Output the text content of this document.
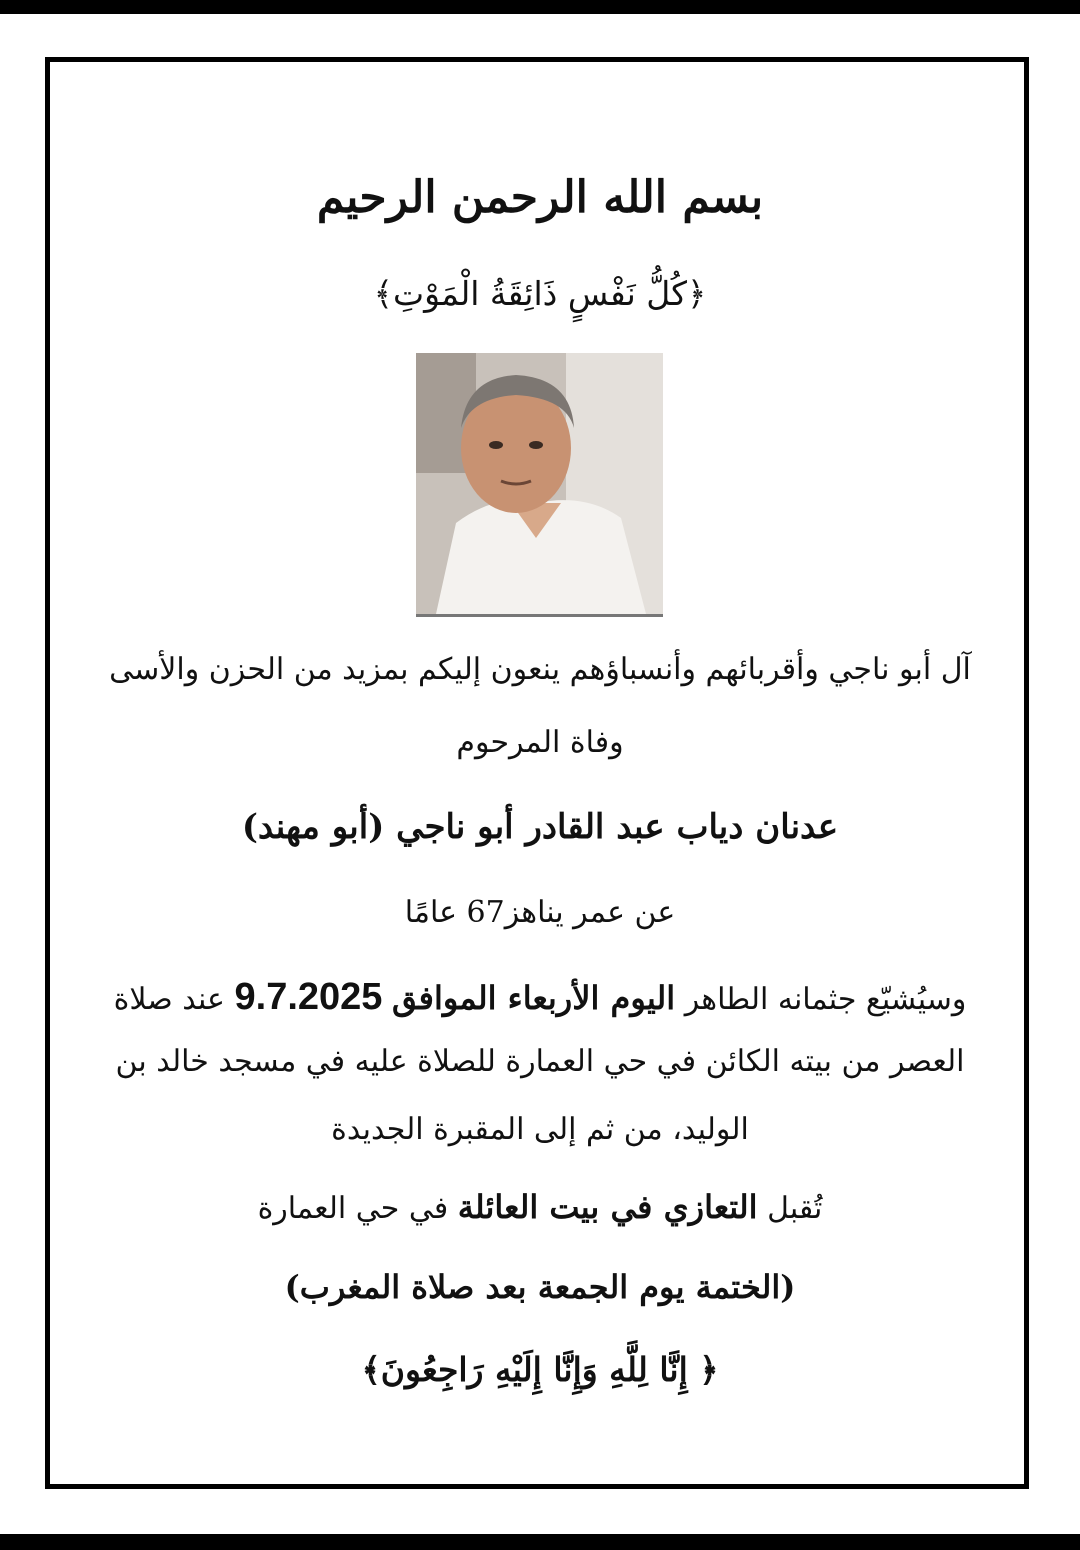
بسم الله الرحمن الرحيم
﴿كُلُّ نَفْسٍ ذَائِقَةُ الْمَوْتِ﴾
آل أبو ناجي وأقربائهم وأنسباؤهم ينعون إليكم بمزيد من الحزن والأسى
وفاة المرحوم
عدنان دياب عبد القادر أبو ناجي (أبو مهند)
عن عمر يناهز67 عامًا
وسيُشيّع جثمانه الطاهر اليوم الأربعاء الموافق 9.7.2025 عند صلاة
العصر من بيته الكائن في حي العمارة للصلاة عليه في مسجد خالد بن
الوليد، من ثم إلى المقبرة الجديدة
تُقبل التعازي في بيت العائلة في حي العمارة
(الختمة يوم الجمعة بعد صلاة المغرب)
﴿ إِنَّا لِلَّهِ وَإِنَّا إِلَيْهِ رَاجِعُونَ﴾
